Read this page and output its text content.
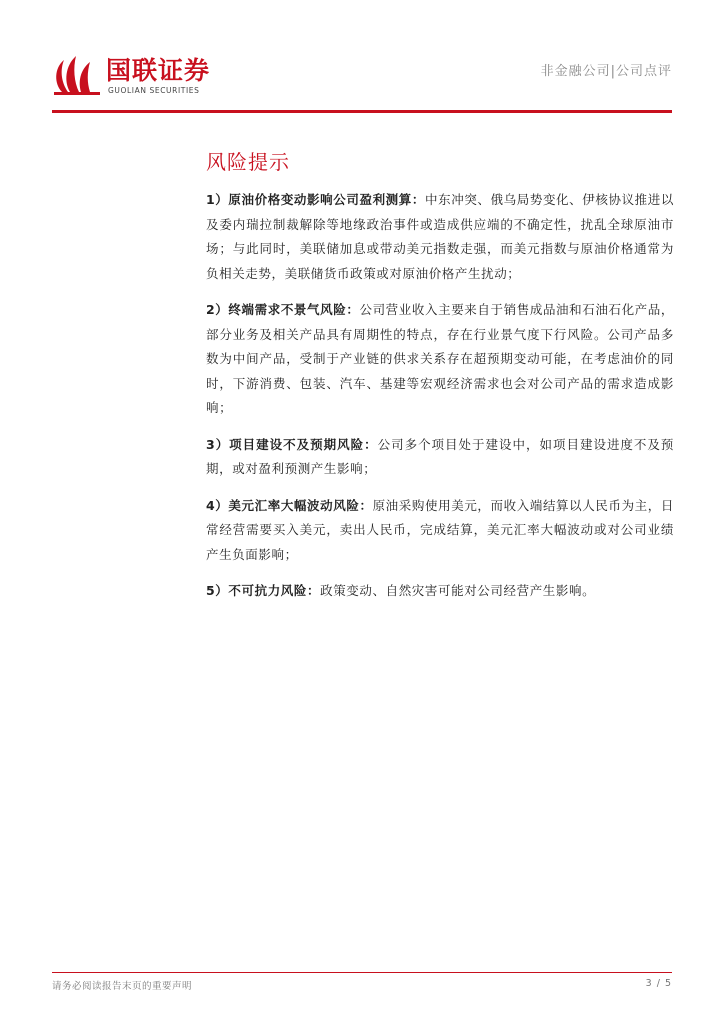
国联证券
GUOLIAN SECURITIES
非金融公司|公司点评
风险提示

1）原油价格变动影响公司盈利测算：中东冲突、俄乌局势变化、伊核协议推进以及委内瑞拉制裁解除等地缘政治事件或造成供应端的不确定性，扰乱全球原油市场；与此同时，美联储加息或带动美元指数走强，而美元指数与原油价格通常为负相关走势，美联储货币政策或对原油价格产生扰动；

2）终端需求不景气风险：公司营业收入主要来自于销售成品油和石油石化产品，部分业务及相关产品具有周期性的特点，存在行业景气度下行风险。公司产品多数为中间产品，受制于产业链的供求关系存在超预期变动可能，在考虑油价的同时，下游消费、包装、汽车、基建等宏观经济需求也会对公司产品的需求造成影响；

3）项目建设不及预期风险：公司多个项目处于建设中，如项目建设进度不及预期，或对盈利预测产生影响；

4）美元汇率大幅波动风险：原油采购使用美元，而收入端结算以人民币为主，日常经营需要买入美元，卖出人民币，完成结算，美元汇率大幅波动或对公司业绩产生负面影响；

5）不可抗力风险：政策变动、自然灾害可能对公司经营产生影响。

请务必阅读报告末页的重要声明	3 / 5
